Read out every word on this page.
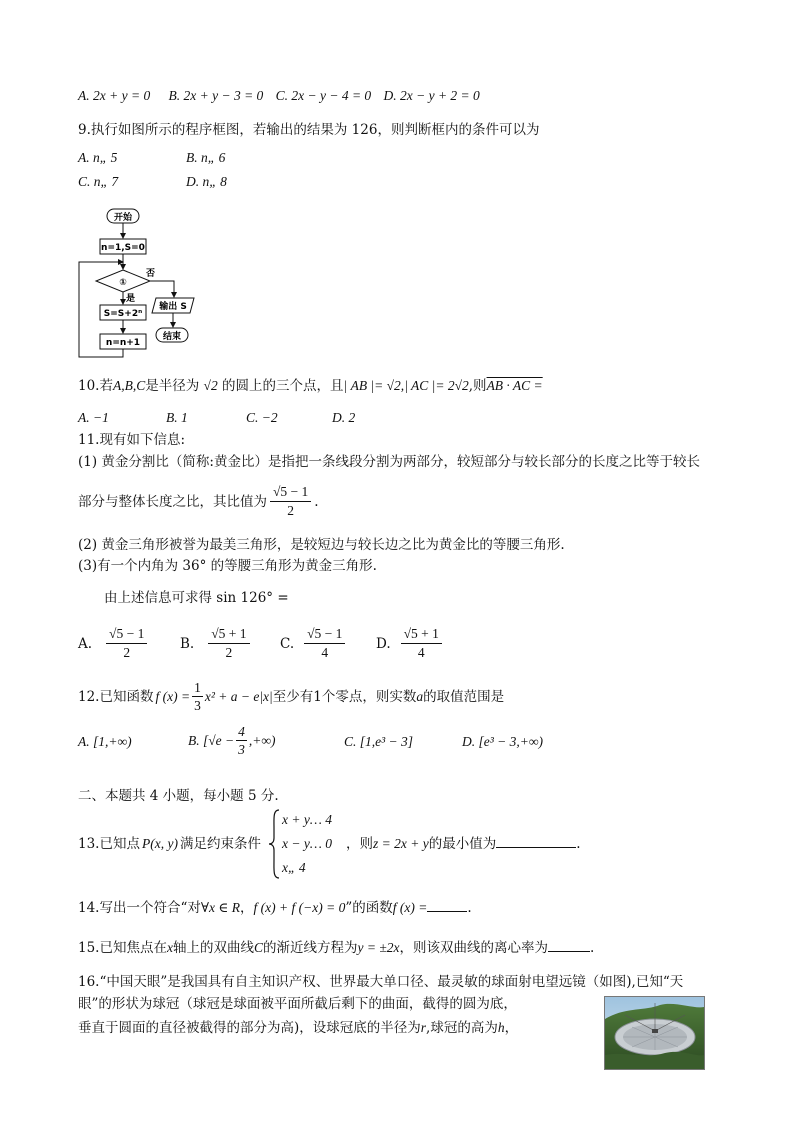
A. 2x + y = 0 B. 2x + y − 3 = 0 C. 2x − y − 4 = 0 D. 2x − y + 2 = 0
9.执行如图所示的程序框图，若输出的结果为 126，则判断框内的条件可以为
A. n„ 5	B. n„ 6
C. n„ 7	D. n„ 8
开始
n=1,S=0
①
否
输出 S
结束
是
S=S+2ⁿ
n=n+1
10.若A,B,C是半径为 √2 的圆上的三个点，且| AB |= √2,| AC |= 2√2,则AB · AC =
A. −1	B. 1	C. −2	D. 2
11.现有如下信息:
(1) 黄金分割比（简称:黄金比）是指把一条线段分割为两部分，较短部分与较长部分的长度之比等于较长
部分与整体长度之比，其比值为 $\frac{√5 - 1}{2}$ .
(2) 黄金三角形被誉为最美三角形，是较短边与较长边之比为黄金比的等腰三角形.
(3)有一个内角为 36° 的等腰三角形为黄金三角形.
由上述信息可求得 sin 126° =
A. $\frac{√5 - 1}{2} B$. $\frac{√5 + 1}{2} C$. $\frac{√5 - 1}{4} D$. $\frac{√5 + 1}{4}$
12.已知函数 f $(x) = \frac{1}{3} x^2 + a - e|x|$ 至少有1个零点，则实数 a 的取值范围是
A. [1,+∞)	B. [$√e - \frac{4}{3}$ ,+∞)	C. [1,e³ − 3]	D. [e³ − 3,+∞)
二、本题共 4 小题，每小题 5 分.
13.已知点 P(x, y) 满足约束条件
x + y… 4
x − y… 0
x„ 4
，则z = 2x + y的最小值为	.
14.写出一个符合“对∀x ∈ R，f (x) + f (−x) = 0”的函数f (x) =	.
15.已知焦点在x轴上的双曲线C的渐近线方程为y = ±2x，则该双曲线的离心率为	.
16.“中国天眼”是我国具有自主知识产权、世界最大单口径、最灵敏的球面射电望远镜（如图),已知“天
眼”的形状为球冠（球冠是球面被平面所截后剩下的曲面，截得的圆为底，
垂直于圆面的直径被截得的部分为高)，设球冠底的半径为r,球冠的高为h，
